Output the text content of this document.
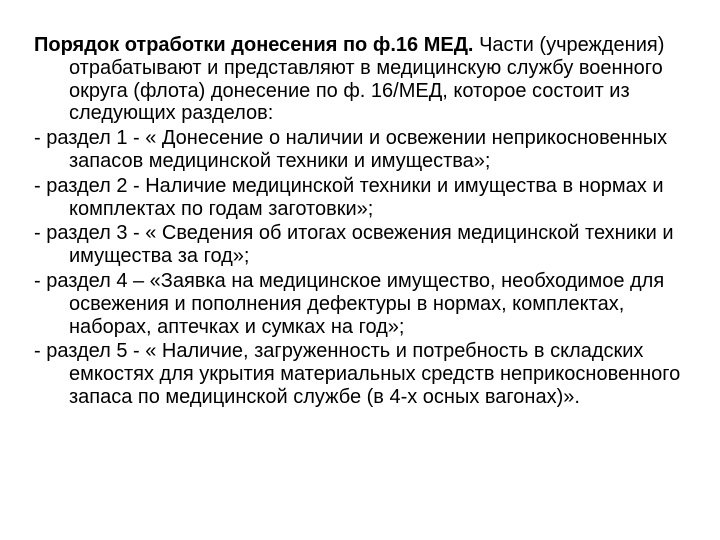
Порядок отработки донесения по ф.16 МЕД. Части (учреждения) отрабатывают и представляют в медицинскую службу военного округа (флота) донесение по ф. 16/МЕД, которое состоит из следующих разделов:

- раздел 1 - « Донесение о наличии и освежении неприкосновенных запасов медицинской техники и имущества»;

- раздел 2 - Наличие медицинской техники и имущества в нормах и комплектах по годам заготовки»;

- раздел 3 - « Сведения об итогах освежения медицинской техники и имущества за год»;

- раздел 4 – «Заявка на медицинское имущество, необходимое для освежения и пополнения дефектуры в нормах, комплектах, наборах, аптечках и сумках на год»;

- раздел 5 - « Наличие, загруженность и потребность в складских емкостях для укрытия материальных средств неприкосновенного запаса по медицинской службе (в 4-х осных вагонах)».
